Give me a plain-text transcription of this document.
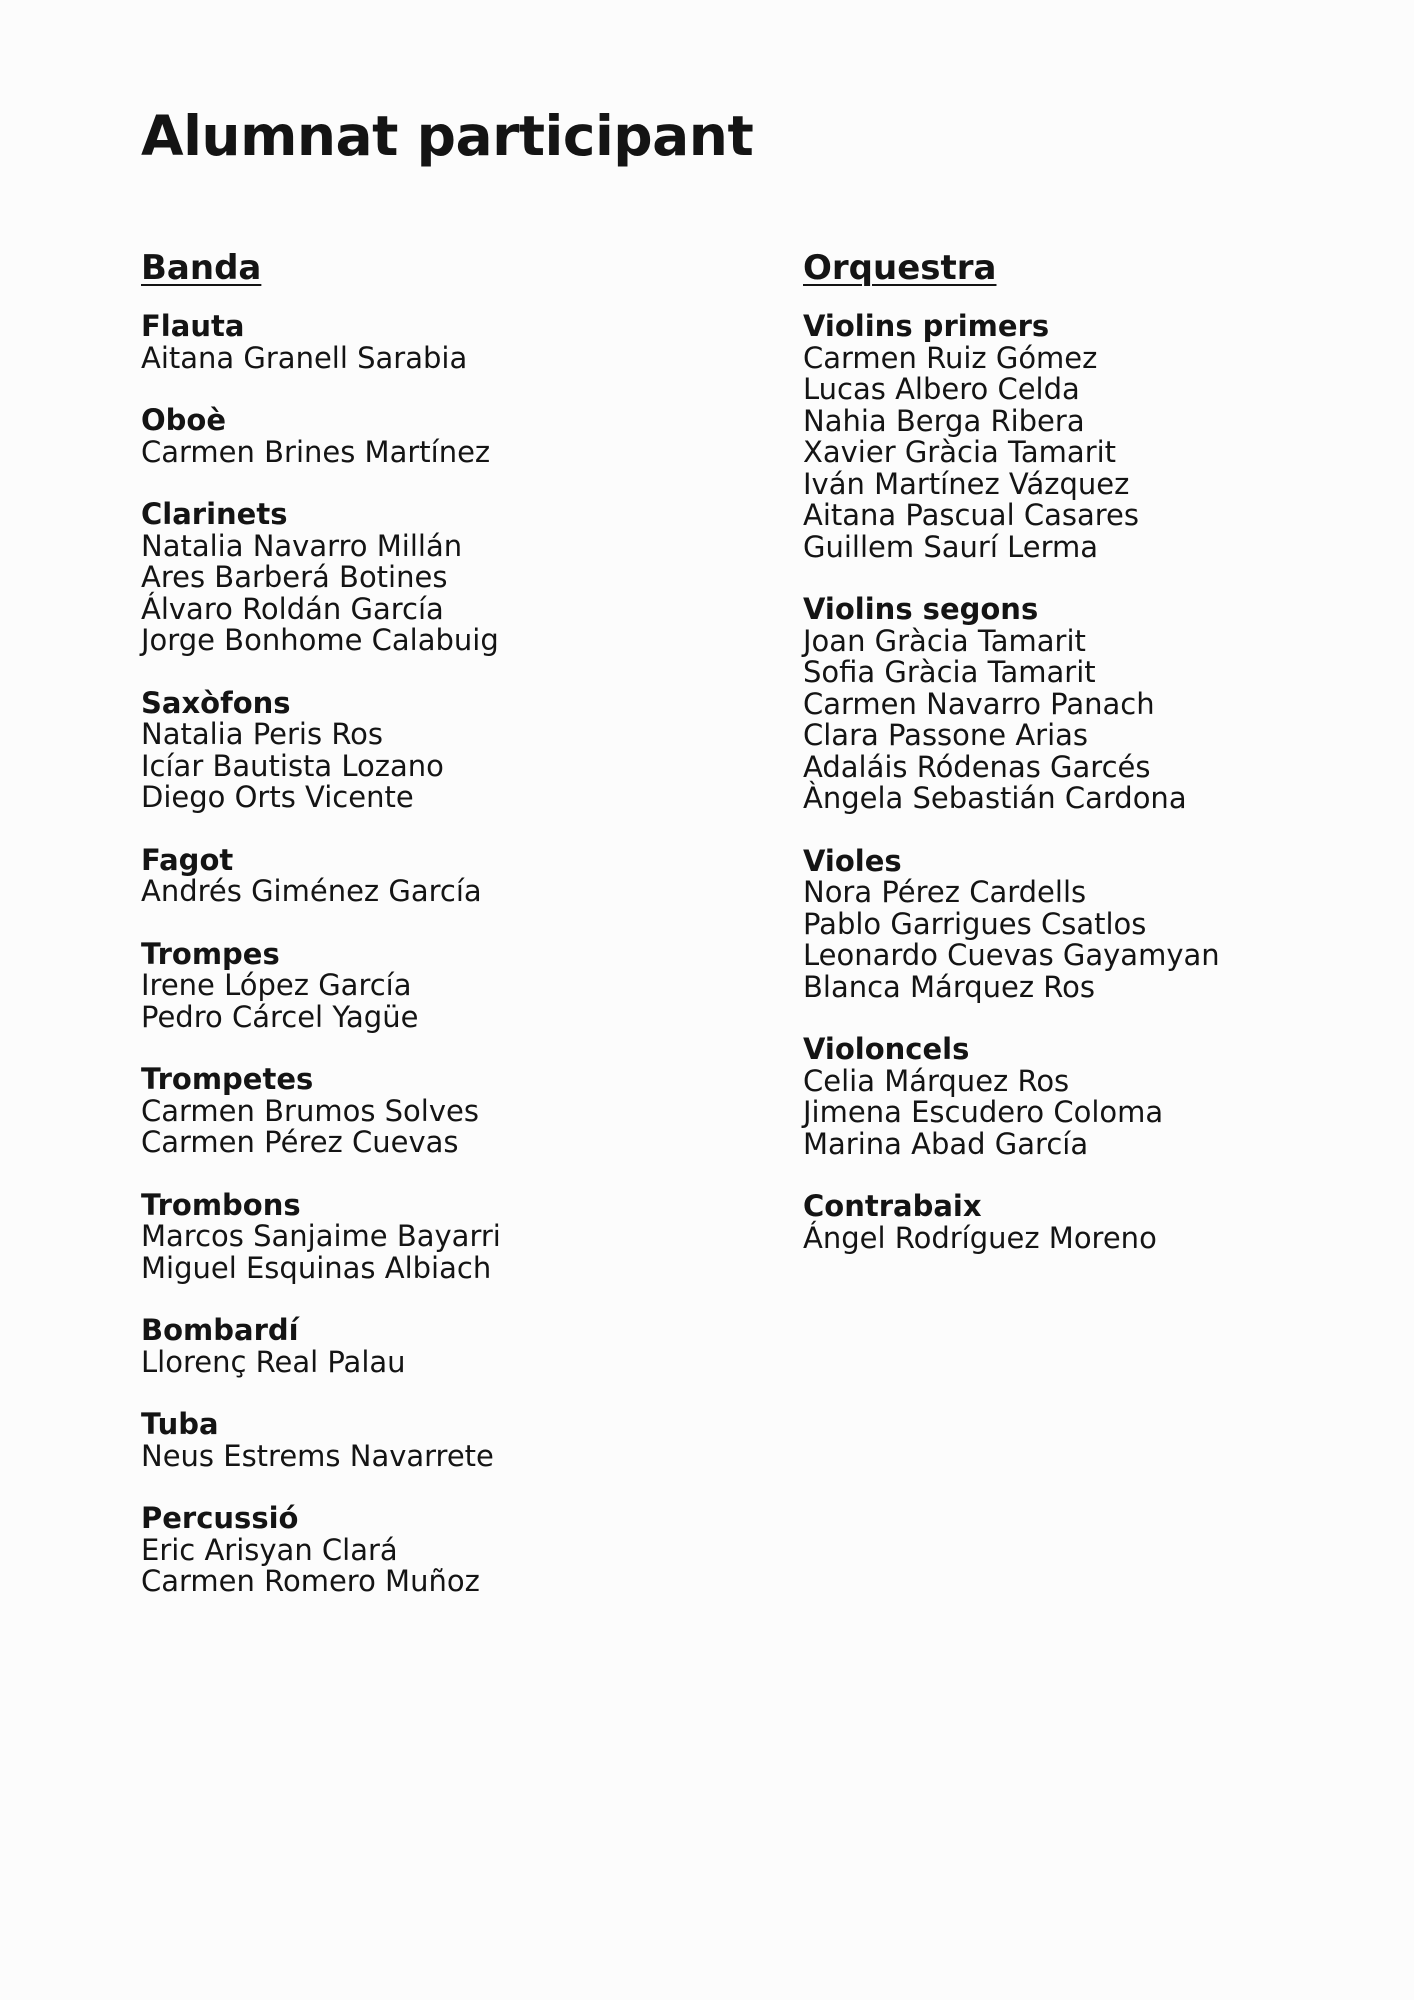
Alumnat participant
Banda
Flauta
Aitana Granell Sarabia
Oboè
Carmen Brines Martínez
Clarinets
Natalia Navarro Millán
Ares Barberá Botines
Álvaro Roldán García
Jorge Bonhome Calabuig
Saxòfons
Natalia Peris Ros
Icíar Bautista Lozano
Diego Orts Vicente
Fagot
Andrés Giménez García
Trompes
Irene López García
Pedro Cárcel Yagüe
Trompetes
Carmen Brumos Solves
Carmen Pérez Cuevas
Trombons
Marcos Sanjaime Bayarri
Miguel Esquinas Albiach
Bombardí
Llorenç Real Palau
Tuba
Neus Estrems Navarrete
Percussió
Eric Arisyan Clará
Carmen Romero Muñoz
Orquestra
Violins primers
Carmen Ruiz Gómez
Lucas Albero Celda
Nahia Berga Ribera
Xavier Gràcia Tamarit
Iván Martínez Vázquez
Aitana Pascual Casares
Guillem Saurí Lerma
Violins segons
Joan Gràcia Tamarit
Sofia Gràcia Tamarit
Carmen Navarro Panach
Clara Passone Arias
Adaláis Ródenas Garcés
Àngela Sebastián Cardona
Violes
Nora Pérez Cardells
Pablo Garrigues Csatlos
Leonardo Cuevas Gayamyan
Blanca Márquez Ros
Violoncels
Celia Márquez Ros
Jimena Escudero Coloma
Marina Abad García
Contrabaix
Ángel Rodríguez Moreno
